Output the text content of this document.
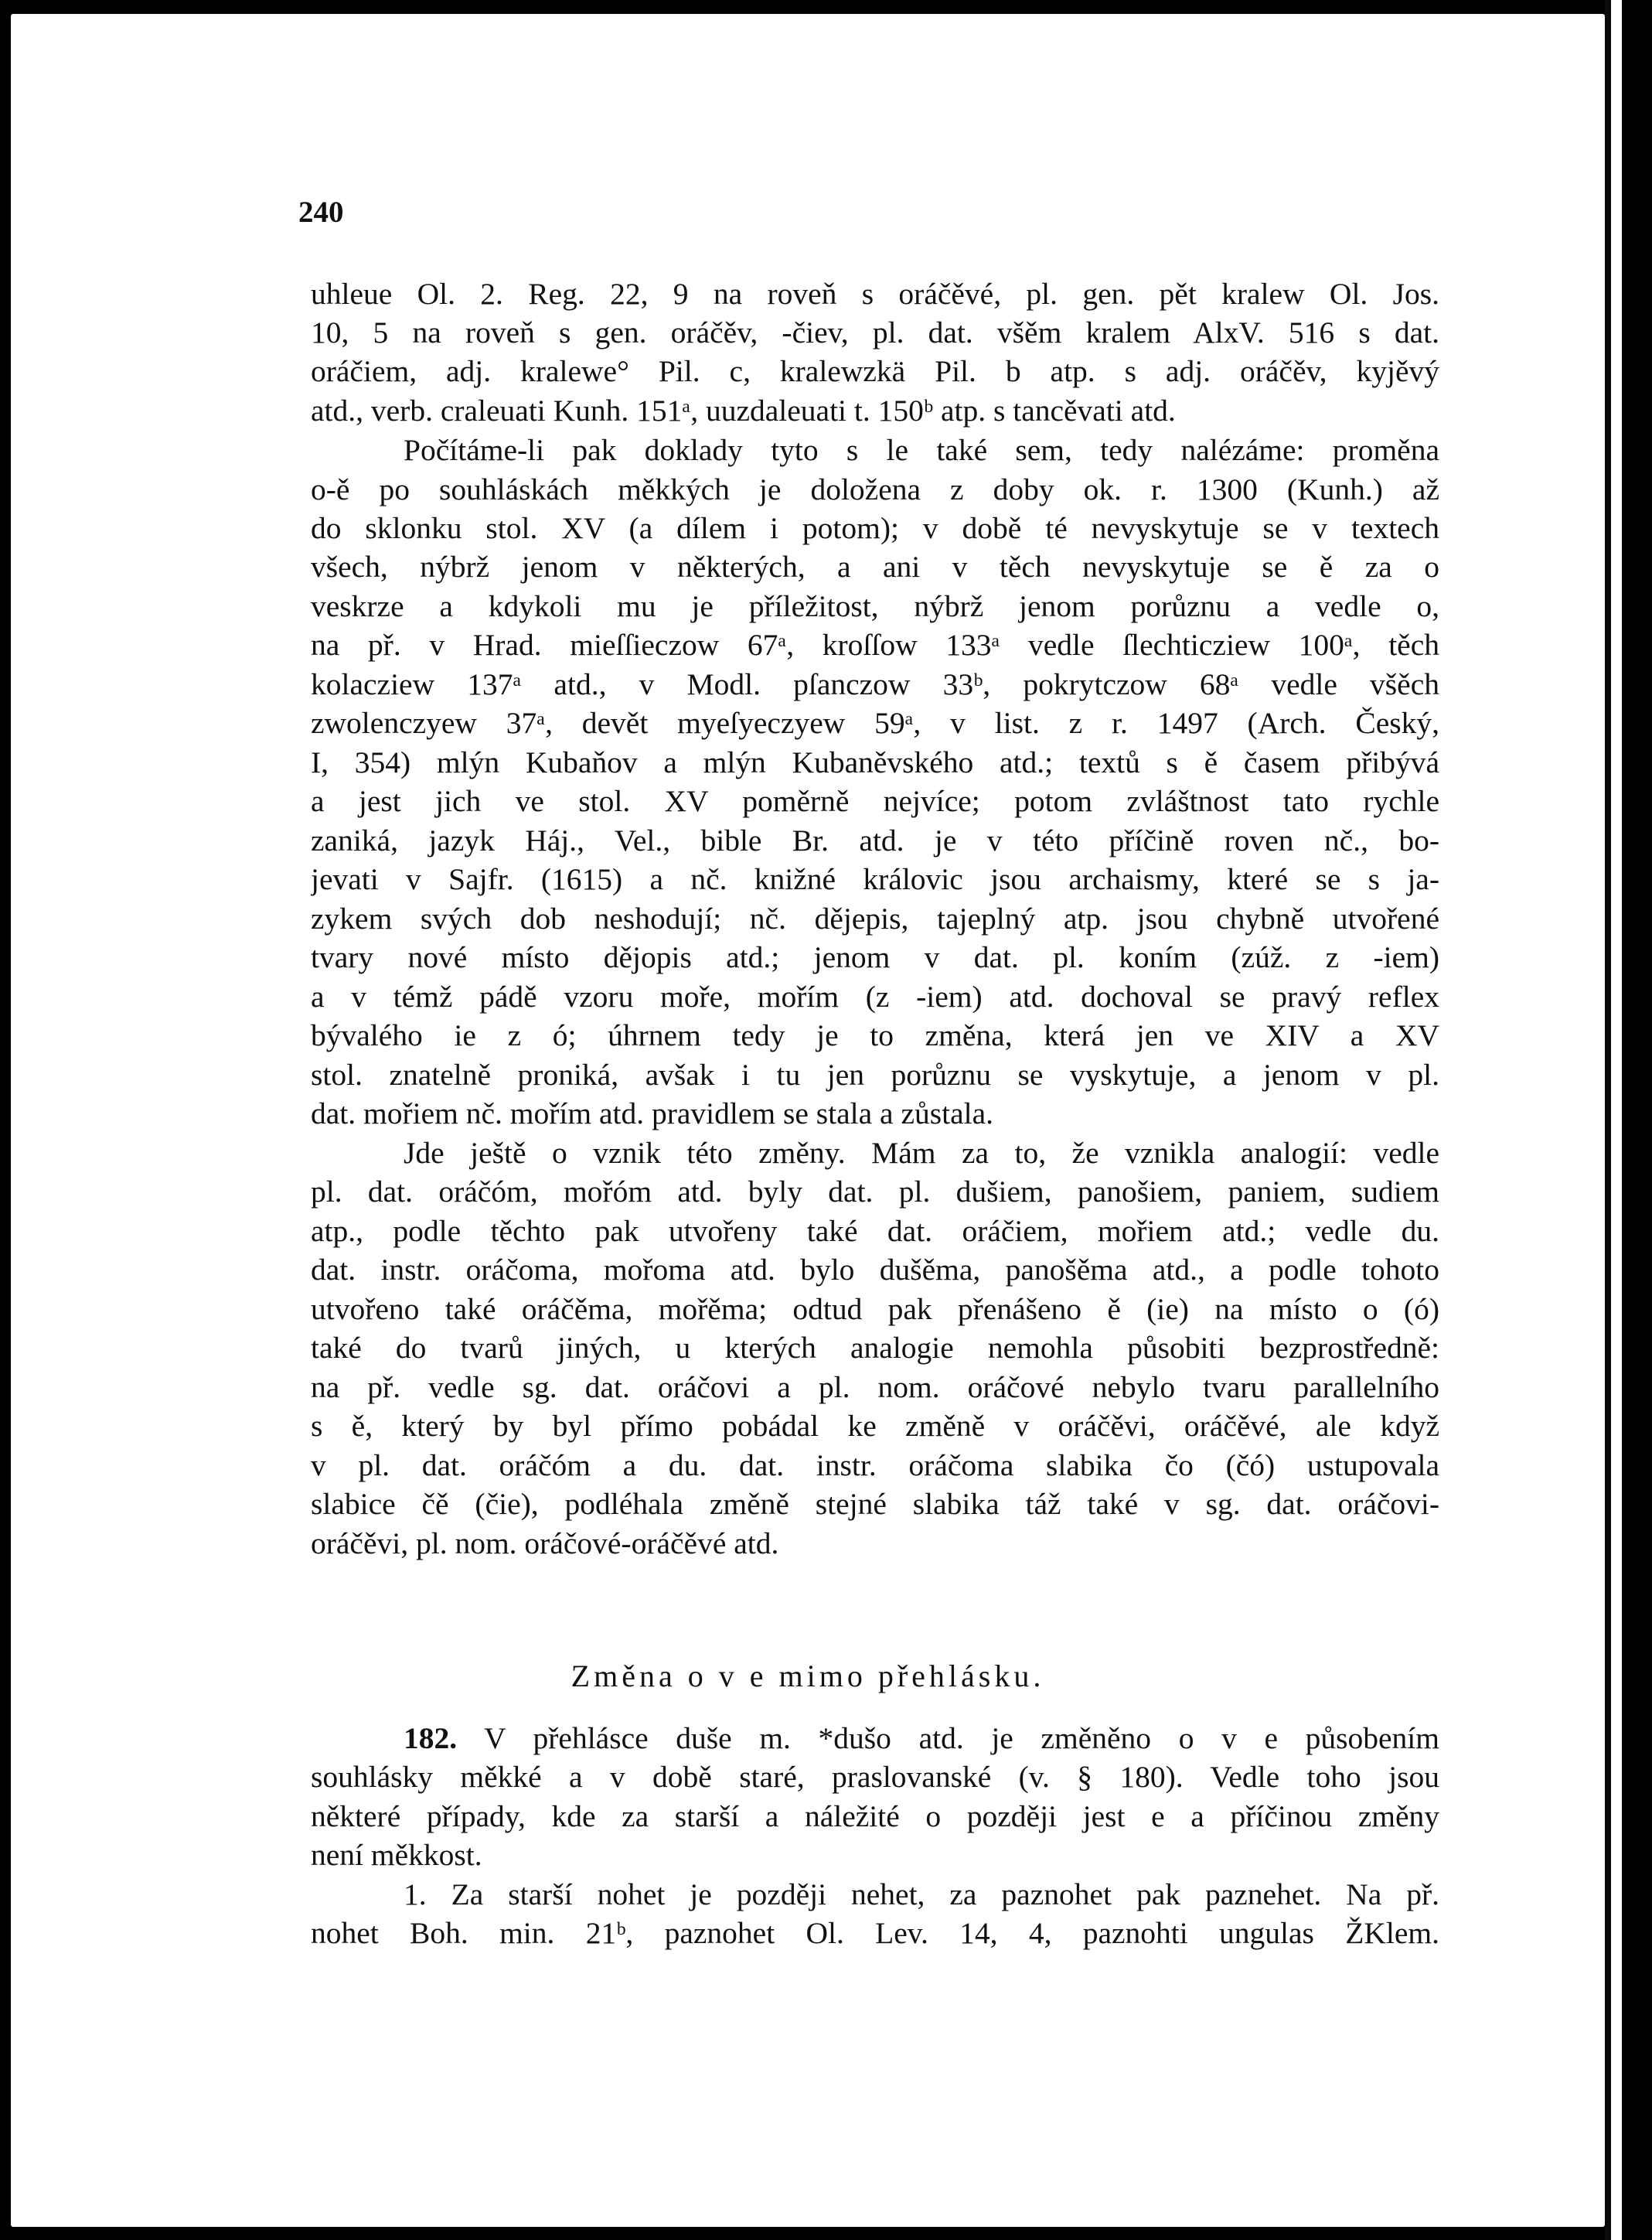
240
uhleue Ol. 2. Reg. 22, 9 na roveň s oráčěvé, pl. gen. pět kralew Ol. Jos.
10, 5 na roveň s gen. oráčěv, -čiev, pl. dat. všěm kralem AlxV. 516 s dat.
oráčiem, adj. kralewe° Pil. c, kralewzkä Pil. b atp. s adj. oráčěv, kyjěvý
atd., verb. craleuati Kunh. 151ᵃ, uuzdaleuati t. 150ᵇ atp. s tancěvati atd.
Počítáme-li pak doklady tyto s le také sem, tedy nalézáme: proměna
o-ě po souhláskách měkkých je doložena z doby ok. r. 1300 (Kunh.) až
do sklonku stol. XV (a dílem i potom); v době té nevyskytuje se v textech
všech, nýbrž jenom v některých, a ani v těch nevyskytuje se ě za o
veskrze a kdykoli mu je příležitost, nýbrž jenom porůznu a vedle o,
na př. v Hrad. mieſſieczow 67ᵃ, kroſſow 133ᵃ vedle ſlechticziew 100ᵃ, těch
kolacziew 137ᵃ atd., v Modl. pſanczow 33ᵇ, pokrytczow 68ᵃ vedle všěch
zwolenczyew 37ᵃ, devět myeſyeczyew 59ᵃ, v list. z r. 1497 (Arch. Český,
I, 354) mlýn Kubaňov a mlýn Kubaněvského atd.; textů s ě časem přibývá
a jest jich ve stol. XV poměrně nejvíce; potom zvláštnost tato rychle
zaniká, jazyk Háj., Vel., bible Br. atd. je v této příčině roven nč., bo-
jevati v Sajfr. (1615) a nč. knižné královic jsou archaismy, které se s ja-
zykem svých dob neshodují; nč. dějepis, tajeplný atp. jsou chybně utvořené
tvary nové místo dějopis atd.; jenom v dat. pl. koním (zúž. z -iem)
a v témž pádě vzoru moře, mořím (z -iem) atd. dochoval se pravý reflex
bývalého ie z ó; úhrnem tedy je to změna, která jen ve XIV a XV
stol. znatelně proniká, avšak i tu jen porůznu se vyskytuje, a jenom v pl.
dat. mořiem nč. mořím atd. pravidlem se stala a zůstala.
Jde ještě o vznik této změny. Mám za to, že vznikla analogií: vedle
pl. dat. oráčóm, mořóm atd. byly dat. pl. dušiem, panošiem, paniem, sudiem
atp., podle těchto pak utvořeny také dat. oráčiem, mořiem atd.; vedle du.
dat. instr. oráčoma, mořoma atd. bylo dušěma, panošěma atd., a podle tohoto
utvořeno také oráčěma, mořěma; odtud pak přenášeno ě (ie) na místo o (ó)
také do tvarů jiných, u kterých analogie nemohla působiti bezprostředně:
na př. vedle sg. dat. oráčovi a pl. nom. oráčové nebylo tvaru parallelního
s ě, který by byl přímo pobádal ke změně v oráčěvi, oráčěvé, ale když
v pl. dat. oráčóm a du. dat. instr. oráčoma slabika čo (čó) ustupovala
slabice čě (čie), podléhala změně stejné slabika táž také v sg. dat. oráčovi-
oráčěvi, pl. nom. oráčové-oráčěvé atd.
Změna o v e mimo přehlásku.
182. V přehlásce duše m. *dušo atd. je změněno o v e působením
souhlásky měkké a v době staré, praslovanské (v. § 180). Vedle toho jsou
některé případy, kde za starší a náležité o později jest e a příčinou změny
není měkkost.
1. Za starší nohet je později nehet, za paznohet pak paznehet. Na př.
nohet Boh. min. 21ᵇ, paznohet Ol. Lev. 14, 4, paznohti ungulas ŽKlem.
